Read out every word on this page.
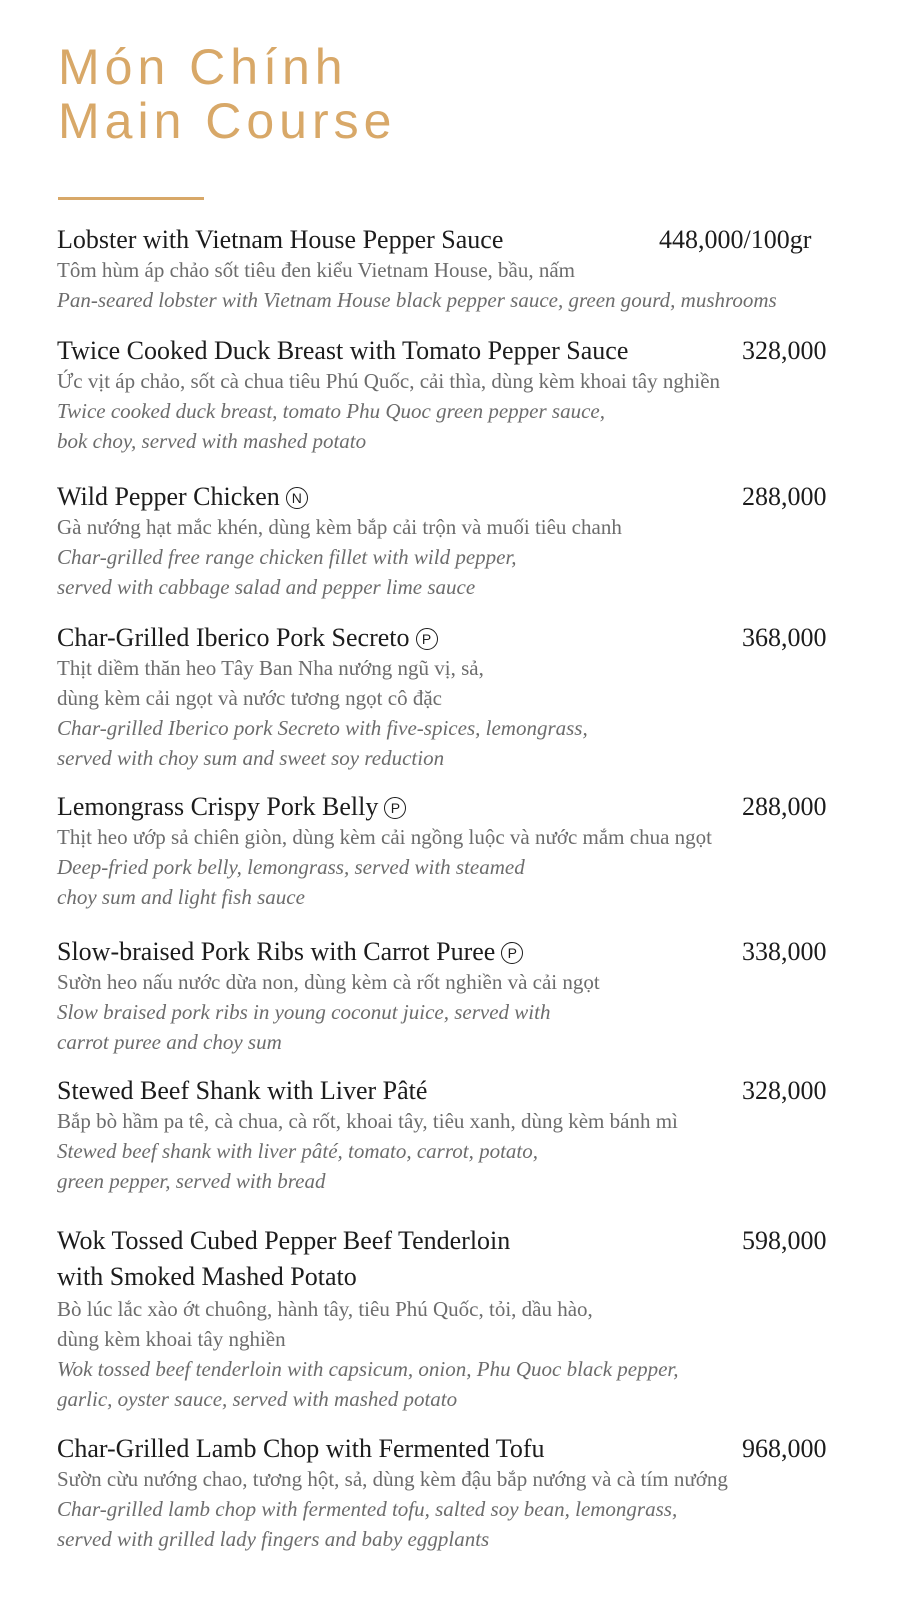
Món Chính
Main Course
Lobster with Vietnam House Pepper Sauce	448,000/100gr
Tôm hùm áp chảo sốt tiêu đen kiểu Vietnam House, bầu, nấm
Pan-seared lobster with Vietnam House black pepper sauce, green gourd, mushrooms
Twice Cooked Duck Breast with Tomato Pepper Sauce	328,000
Ức vịt áp chảo, sốt cà chua tiêu Phú Quốc, cải thìa, dùng kèm khoai tây nghiền
Twice cooked duck breast, tomato Phu Quoc green pepper sauce,
bok choy, served with mashed potato
Wild Pepper Chicken N	288,000
Gà nướng hạt mắc khén, dùng kèm bắp cải trộn và muối tiêu chanh
Char-grilled free range chicken fillet with wild pepper,
served with cabbage salad and pepper lime sauce
Char-Grilled Iberico Pork Secreto P	368,000
Thịt diềm thăn heo Tây Ban Nha nướng ngũ vị, sả,
dùng kèm cải ngọt và nước tương ngọt cô đặc
Char-grilled Iberico pork Secreto with five-spices, lemongrass,
served with choy sum and sweet soy reduction
Lemongrass Crispy Pork Belly P	288,000
Thịt heo ướp sả chiên giòn, dùng kèm cải ngồng luộc và nước mắm chua ngọt
Deep-fried pork belly, lemongrass, served with steamed
choy sum and light fish sauce
Slow-braised Pork Ribs with Carrot Puree P	338,000
Sườn heo nấu nước dừa non, dùng kèm cà rốt nghiền và cải ngọt
Slow braised pork ribs in young coconut juice, served with
carrot puree and choy sum
Stewed Beef Shank with Liver Pâté	328,000
Bắp bò hầm pa tê, cà chua, cà rốt, khoai tây, tiêu xanh, dùng kèm bánh mì
Stewed beef shank with liver pâté, tomato, carrot, potato,
green pepper, served with bread
Wok Tossed Cubed Pepper Beef Tenderloin
with Smoked Mashed Potato
598,000
Bò lúc lắc xào ớt chuông, hành tây, tiêu Phú Quốc, tỏi, dầu hào,
dùng kèm khoai tây nghiền
Wok tossed beef tenderloin with capsicum, onion, Phu Quoc black pepper,
garlic, oyster sauce, served with mashed potato
Char-Grilled Lamb Chop with Fermented Tofu	968,000
Sườn cừu nướng chao, tương hột, sả, dùng kèm đậu bắp nướng và cà tím nướng
Char-grilled lamb chop with fermented tofu, salted soy bean, lemongrass,
served with grilled lady fingers and baby eggplants
